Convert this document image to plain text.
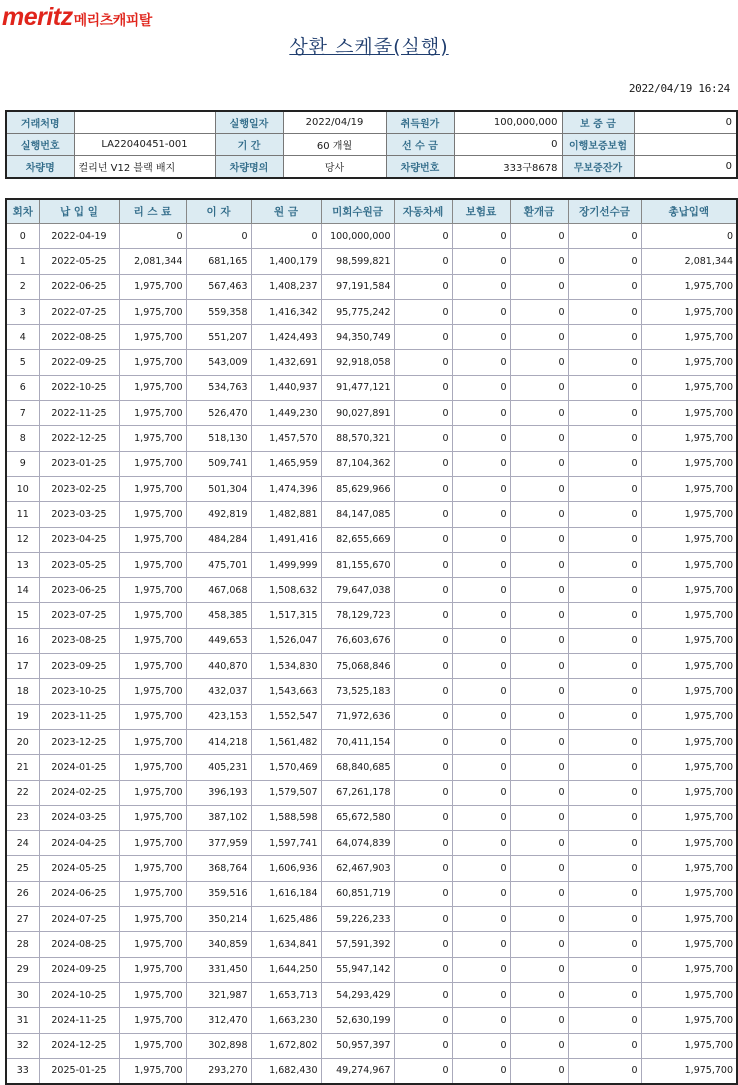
meritz 메리츠캐피탈
상환 스케줄(실행)
2022/04/19 16:24
거래처명		실행일자	2022/04/19	취득원가	100,000,000	보 증 금	0
실행번호	LA22040451-001	기 간	60 개월	선 수 금	0	이행보증보험	
차량명	컬리넌 V12 블랙 배지	차량명의	당사	차량번호	333구8678	무보증잔가	0
회차	납 입 일	리 스 료	이 자	원 금	미회수원금	자동차세	보험료	환개금	장기선수금	총납입액
0	2022-04-19	0	0	0	100,000,000	0	0	0	0	0
1	2022-05-25	2,081,344	681,165	1,400,179	98,599,821	0	0	0	0	2,081,344
2	2022-06-25	1,975,700	567,463	1,408,237	97,191,584	0	0	0	0	1,975,700
3	2022-07-25	1,975,700	559,358	1,416,342	95,775,242	0	0	0	0	1,975,700
4	2022-08-25	1,975,700	551,207	1,424,493	94,350,749	0	0	0	0	1,975,700
5	2022-09-25	1,975,700	543,009	1,432,691	92,918,058	0	0	0	0	1,975,700
6	2022-10-25	1,975,700	534,763	1,440,937	91,477,121	0	0	0	0	1,975,700
7	2022-11-25	1,975,700	526,470	1,449,230	90,027,891	0	0	0	0	1,975,700
8	2022-12-25	1,975,700	518,130	1,457,570	88,570,321	0	0	0	0	1,975,700
9	2023-01-25	1,975,700	509,741	1,465,959	87,104,362	0	0	0	0	1,975,700
10	2023-02-25	1,975,700	501,304	1,474,396	85,629,966	0	0	0	0	1,975,700
11	2023-03-25	1,975,700	492,819	1,482,881	84,147,085	0	0	0	0	1,975,700
12	2023-04-25	1,975,700	484,284	1,491,416	82,655,669	0	0	0	0	1,975,700
13	2023-05-25	1,975,700	475,701	1,499,999	81,155,670	0	0	0	0	1,975,700
14	2023-06-25	1,975,700	467,068	1,508,632	79,647,038	0	0	0	0	1,975,700
15	2023-07-25	1,975,700	458,385	1,517,315	78,129,723	0	0	0	0	1,975,700
16	2023-08-25	1,975,700	449,653	1,526,047	76,603,676	0	0	0	0	1,975,700
17	2023-09-25	1,975,700	440,870	1,534,830	75,068,846	0	0	0	0	1,975,700
18	2023-10-25	1,975,700	432,037	1,543,663	73,525,183	0	0	0	0	1,975,700
19	2023-11-25	1,975,700	423,153	1,552,547	71,972,636	0	0	0	0	1,975,700
20	2023-12-25	1,975,700	414,218	1,561,482	70,411,154	0	0	0	0	1,975,700
21	2024-01-25	1,975,700	405,231	1,570,469	68,840,685	0	0	0	0	1,975,700
22	2024-02-25	1,975,700	396,193	1,579,507	67,261,178	0	0	0	0	1,975,700
23	2024-03-25	1,975,700	387,102	1,588,598	65,672,580	0	0	0	0	1,975,700
24	2024-04-25	1,975,700	377,959	1,597,741	64,074,839	0	0	0	0	1,975,700
25	2024-05-25	1,975,700	368,764	1,606,936	62,467,903	0	0	0	0	1,975,700
26	2024-06-25	1,975,700	359,516	1,616,184	60,851,719	0	0	0	0	1,975,700
27	2024-07-25	1,975,700	350,214	1,625,486	59,226,233	0	0	0	0	1,975,700
28	2024-08-25	1,975,700	340,859	1,634,841	57,591,392	0	0	0	0	1,975,700
29	2024-09-25	1,975,700	331,450	1,644,250	55,947,142	0	0	0	0	1,975,700
30	2024-10-25	1,975,700	321,987	1,653,713	54,293,429	0	0	0	0	1,975,700
31	2024-11-25	1,975,700	312,470	1,663,230	52,630,199	0	0	0	0	1,975,700
32	2024-12-25	1,975,700	302,898	1,672,802	50,957,397	0	0	0	0	1,975,700
33	2025-01-25	1,975,700	293,270	1,682,430	49,274,967	0	0	0	0	1,975,700
